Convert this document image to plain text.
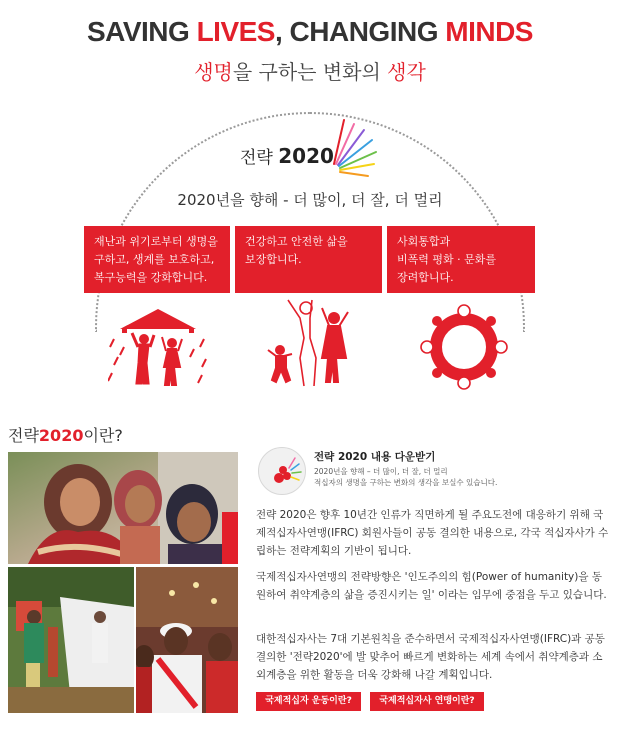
SAVING LIVES, CHANGING MINDS
생명을 구하는 변화의 생각
전략 2020
2020년을 향해 - 더 많이, 더 잘, 더 멀리
재난과 위기로부터 생명을
구하고, 생계를 보호하고,
복구능력을 강화합니다.
건강하고 안전한 삶을
보장합니다.
사회통합과
비폭력 평화 · 문화를
장려합니다.
전략2020이란?
전략 2020 내용 다운받기
2020년을 향해 – 더 많이, 더 잘, 더 멀리
적십자의 생명을 구하는 변화의 생각을 보실수 있습니다.

전략 2020은 향후 10년간 인류가 직면하게 될 주요도전에 대응하기 위해 국제적십자사연맹(IFRC) 회원사들이 공동 결의한 내용으로, 각국 적십자사가 수립하는 전략계획의 기반이 됩니다.

국제적십자사연맹의 전략방향은 '인도주의의 힘(Power of humanity)을 동원하여 취약계층의 삶을 증진시키는 일' 이라는 임무에 중점을 두고 있습니다.

대한적십자사는 7대 기본원칙을 준수하면서 국제적십자사연맹(IFRC)과 공동 결의한 '전략2020'에 발 맞추어 빠르게 변화하는 세계 속에서 취약계층과 소외계층을 위한 활동을 더욱 강화해 나갈 계획입니다.

국제적십자 운동이란?	국제적십자사 연맹이란?
